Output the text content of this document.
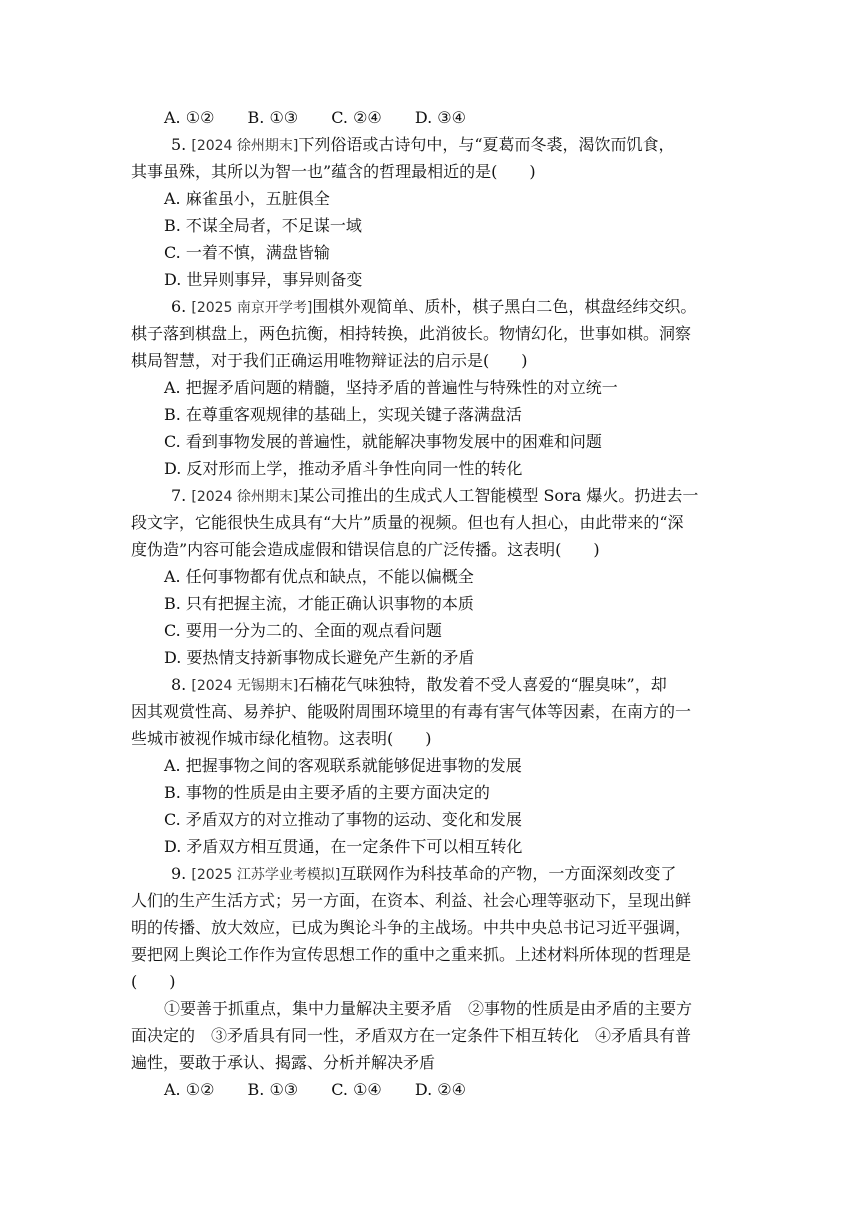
A. ①② B. ①③ C. ②④ D. ③④
5. [2024 徐州期末]下列俗语或古诗句中，与“夏葛而冬裘，渴饮而饥食，
其事虽殊，其所以为智一也”蕴含的哲理最相近的是(　　)
A. 麻雀虽小，五脏俱全
B. 不谋全局者，不足谋一域
C. 一着不慎，满盘皆输
D. 世异则事异，事异则备变
6. [2025 南京开学考]围棋外观简单、质朴，棋子黑白二色，棋盘经纬交织。
棋子落到棋盘上，两色抗衡，相持转换，此消彼长。物情幻化，世事如棋。洞察
棋局智慧，对于我们正确运用唯物辩证法的启示是(　　)
A. 把握矛盾问题的精髓，坚持矛盾的普遍性与特殊性的对立统一
B. 在尊重客观规律的基础上，实现关键子落满盘活
C. 看到事物发展的普遍性，就能解决事物发展中的困难和问题
D. 反对形而上学，推动矛盾斗争性向同一性的转化
7. [2024 徐州期末]某公司推出的生成式人工智能模型 Sora 爆火。扔进去一
段文字，它能很快生成具有“大片”质量的视频。但也有人担心，由此带来的“深
度伪造”内容可能会造成虚假和错误信息的广泛传播。这表明(　　)
A. 任何事物都有优点和缺点，不能以偏概全
B. 只有把握主流，才能正确认识事物的本质
C. 要用一分为二的、全面的观点看问题
D. 要热情支持新事物成长避免产生新的矛盾
8. [2024 无锡期末]石楠花气味独特，散发着不受人喜爱的“腥臭味”，却
因其观赏性高、易养护、能吸附周围环境里的有毒有害气体等因素，在南方的一
些城市被视作城市绿化植物。这表明(　　)
A. 把握事物之间的客观联系就能够促进事物的发展
B. 事物的性质是由主要矛盾的主要方面决定的
C. 矛盾双方的对立推动了事物的运动、变化和发展
D. 矛盾双方相互贯通，在一定条件下可以相互转化
9. [2025 江苏学业考模拟]互联网作为科技革命的产物，一方面深刻改变了
人们的生产生活方式；另一方面，在资本、利益、社会心理等驱动下，呈现出鲜
明的传播、放大效应，已成为舆论斗争的主战场。中共中央总书记习近平强调，
要把网上舆论工作作为宣传思想工作的重中之重来抓。上述材料所体现的哲理是
(　　)
①要善于抓重点，集中力量解决主要矛盾　②事物的性质是由矛盾的主要方
面决定的　③矛盾具有同一性，矛盾双方在一定条件下相互转化　④矛盾具有普
遍性，要敢于承认、揭露、分析并解决矛盾
A. ①② B. ①③ C. ①④ D. ②④
